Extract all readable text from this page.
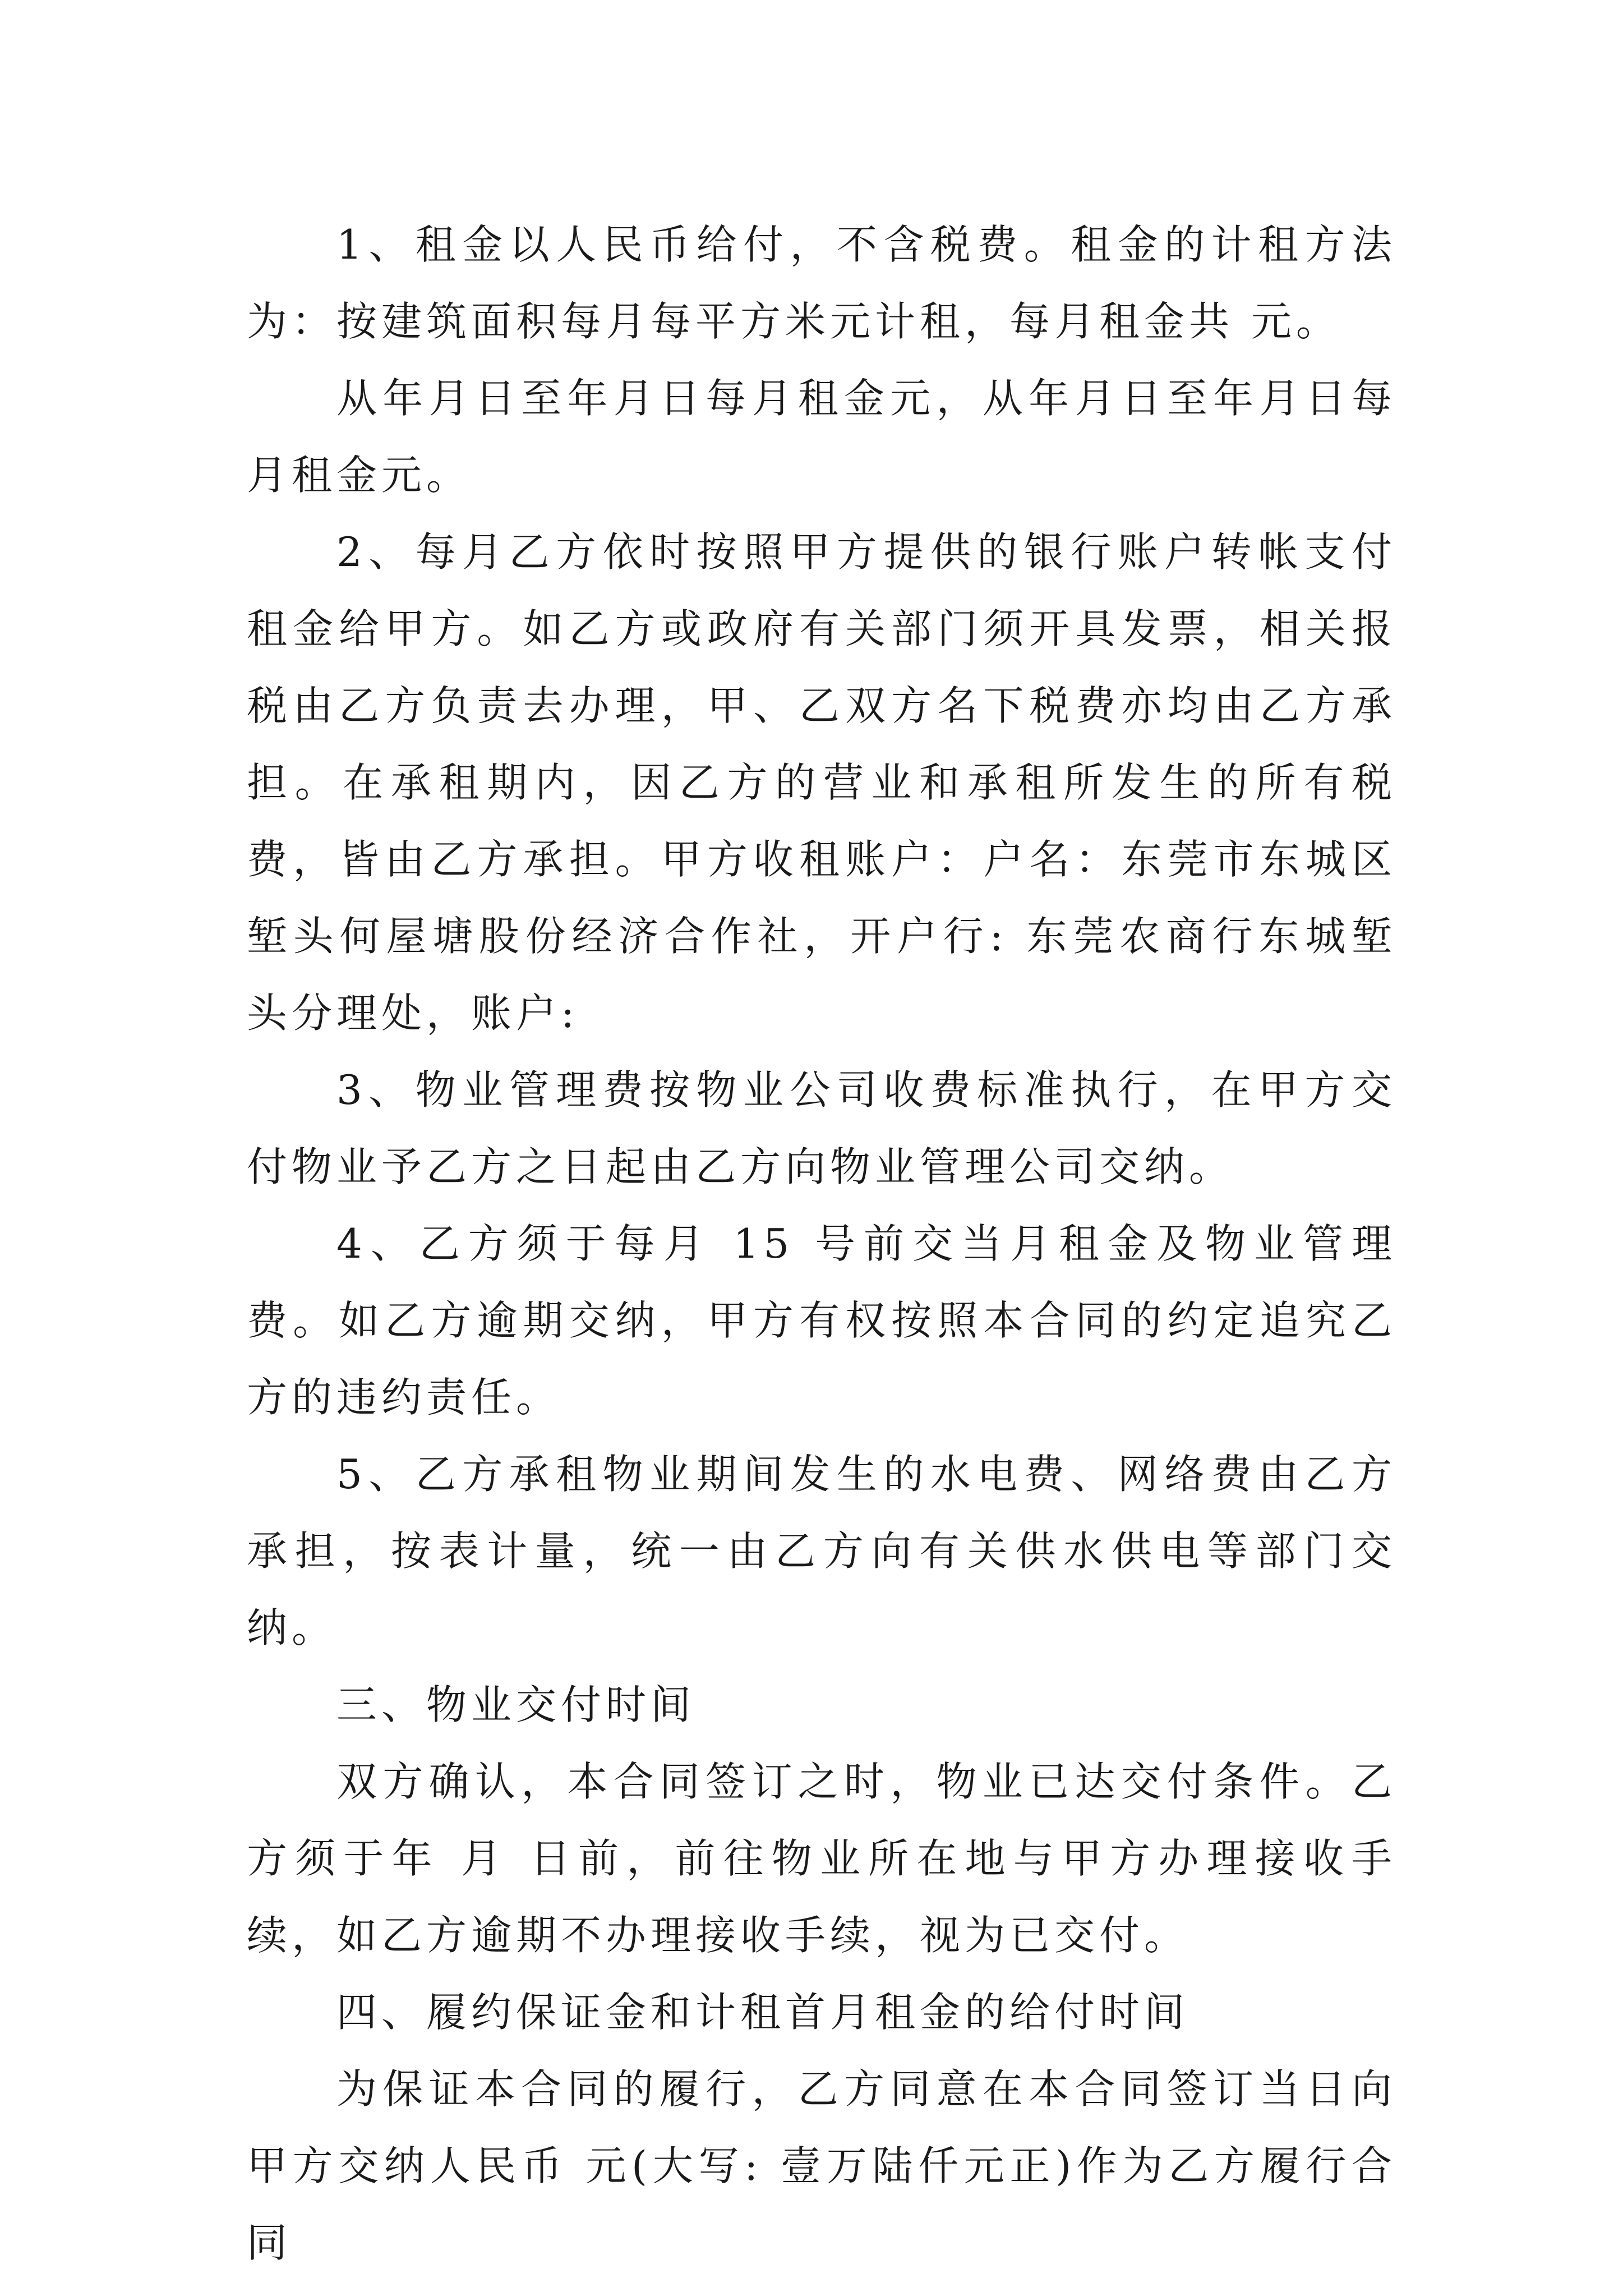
1、租金以人民币给付，不含税费。租金的计租方法为：按建筑面积每月每平方米元计租，每月租金共 元。

从年月日至年月日每月租金元，从年月日至年月日每月租金元。

2、每月乙方依时按照甲方提供的银行账户转帐支付租金给甲方。如乙方或政府有关部门须开具发票，相关报税由乙方负责去办理，甲、乙双方名下税费亦均由乙方承担。在承租期内，因乙方的营业和承租所发生的所有税费，皆由乙方承担。甲方收租账户：户名：东莞市东城区堑头何屋塘股份经济合作社，开户行: 东莞农商行东城堑头分理处，账户:

3、物业管理费按物业公司收费标准执行，在甲方交付物业予乙方之日起由乙方向物业管理公司交纳。

4、乙方须于每月 15 号前交当月租金及物业管理费。如乙方逾期交纳，甲方有权按照本合同的约定追究乙方的违约责任。

5、乙方承租物业期间发生的水电费、网络费由乙方承担，按表计量，统一由乙方向有关供水供电等部门交纳。

三、物业交付时间

双方确认，本合同签订之时，物业已达交付条件。乙方须于年 月 日前，前往物业所在地与甲方办理接收手续，如乙方逾期不办理接收手续，视为已交付。

四、履约保证金和计租首月租金的给付时间

为保证本合同的履行，乙方同意在本合同签订当日向甲方交纳人民币 元(大写: 壹万陆仟元正)作为乙方履行合同
